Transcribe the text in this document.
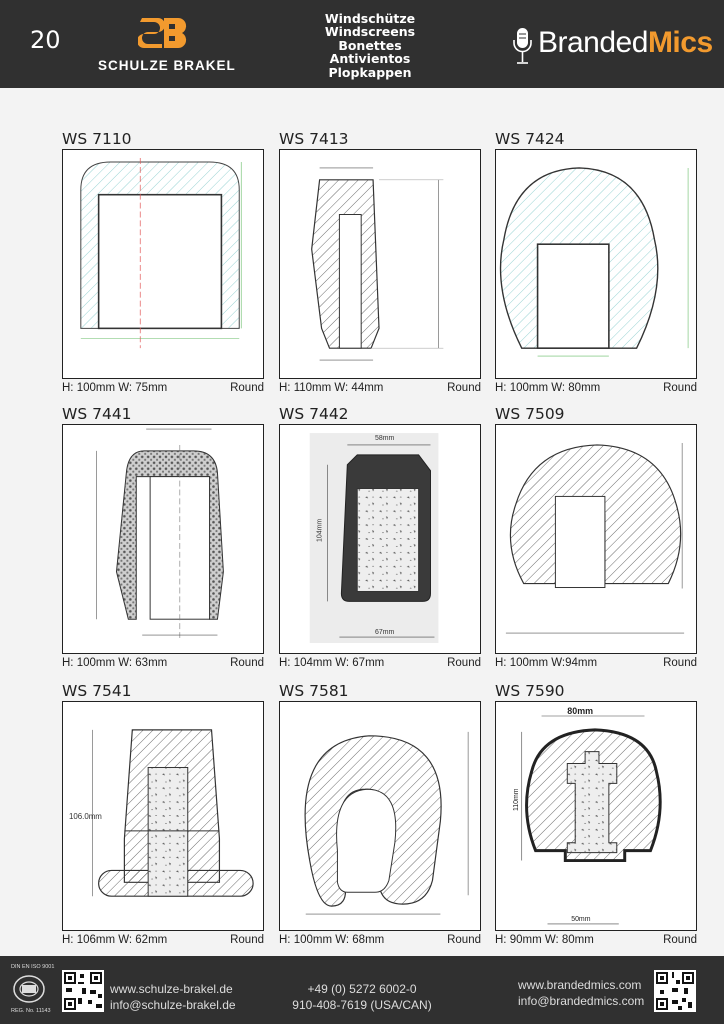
20
SCHULZE BRAKEL
Windschütze
Windscreens
Bonettes
Antivientos
Plopkappen
BrandedMics
WS 7110
H: 100mm W: 75mm	Round
WS 7413
H: 110mm W: 44mm	Round
WS 7424
H: 100mm W: 80mm	Round
WS 7441
H: 100mm W: 63mm	Round
WS 7442
58mm
104mm
67mm
H: 104mm W: 67mm	Round
WS 7509
H: 100mm W:94mm	Round
WS 7541
106.0mm
H: 106mm W: 62mm	Round
WS 7581
H: 100mm W: 68mm	Round
WS 7590
80mm
110mm
50mm
H: 90mm W: 80mm	Round
DIN EN ISO 9001
REG. No. 11143
www.schulze-brakel.de
info@schulze-brakel.de
+49 (0) 5272 6002-0
910-408-7619 (USA/CAN)
www.brandedmics.com
info@brandedmics.com
